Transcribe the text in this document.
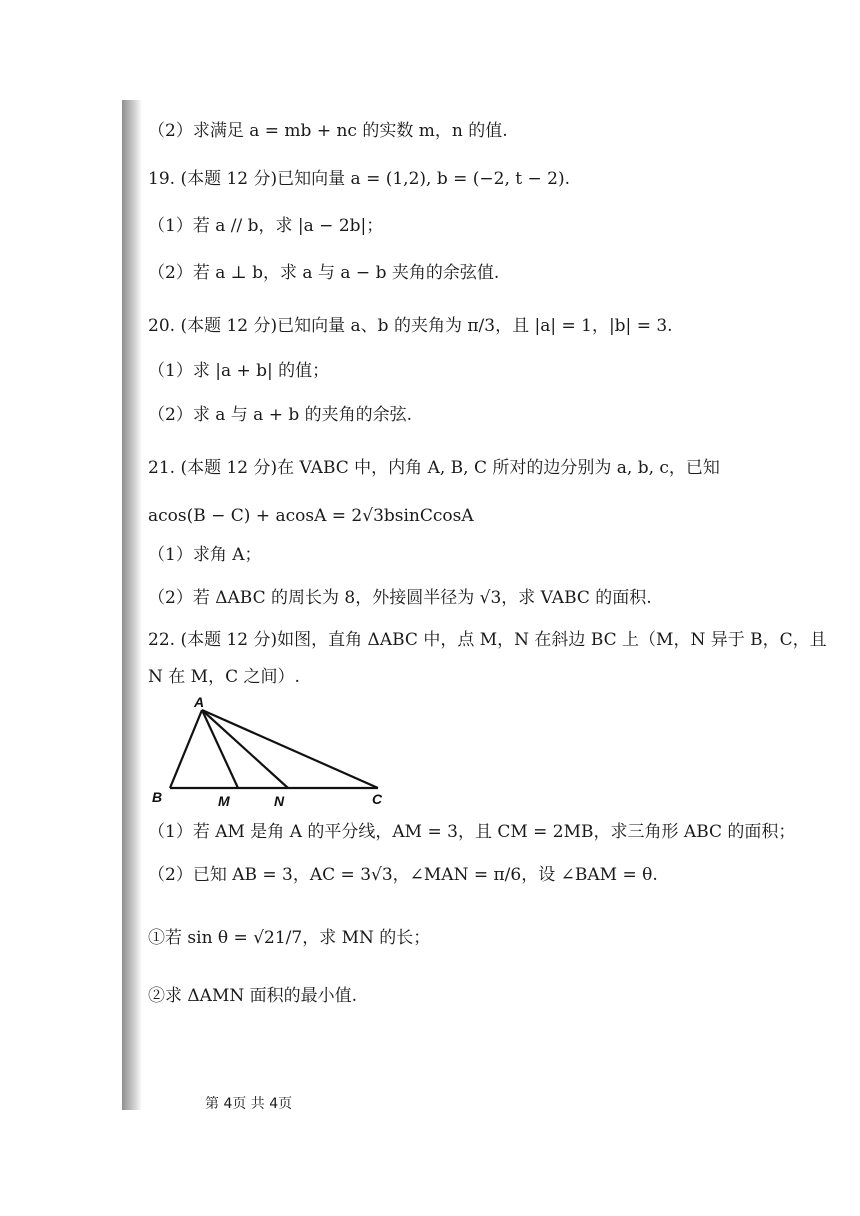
（2）求满足 a = mb + nc 的实数 m，n 的值.
19. (本题 12 分)已知向量 a = (1,2), b = (−2, t − 2).
（1）若 a // b，求 |a − 2b|；
（2）若 a ⊥ b，求 a 与 a − b 夹角的余弦值.
20. (本题 12 分)已知向量 a、b 的夹角为 π/3，且 |a| = 1，|b| = 3.
（1）求 |a + b| 的值；
（2）求 a 与 a + b 的夹角的余弦.
21. (本题 12 分)在 VABC 中，内角 A, B, C 所对的边分别为 a, b, c，已知
acos(B − C) + acosA = 2√3bsinCcosA
（1）求角 A；
（2）若 ΔABC 的周长为 8，外接圆半径为 √3，求 VABC 的面积.
22. (本题 12 分)如图，直角 ΔABC 中，点 M，N 在斜边 BC 上（M，N 异于 B，C，且
N 在 M，C 之间）.
A
B	M	N	C
（1）若 AM 是角 A 的平分线，AM = 3，且 CM = 2MB，求三角形 ABC 的面积；
（2）已知 AB = 3，AC = 3√3，∠MAN = π/6，设 ∠BAM = θ.
①若 sin θ = √21/7，求 MN 的长；
②求 ΔAMN 面积的最小值.
第 4页 共 4页
